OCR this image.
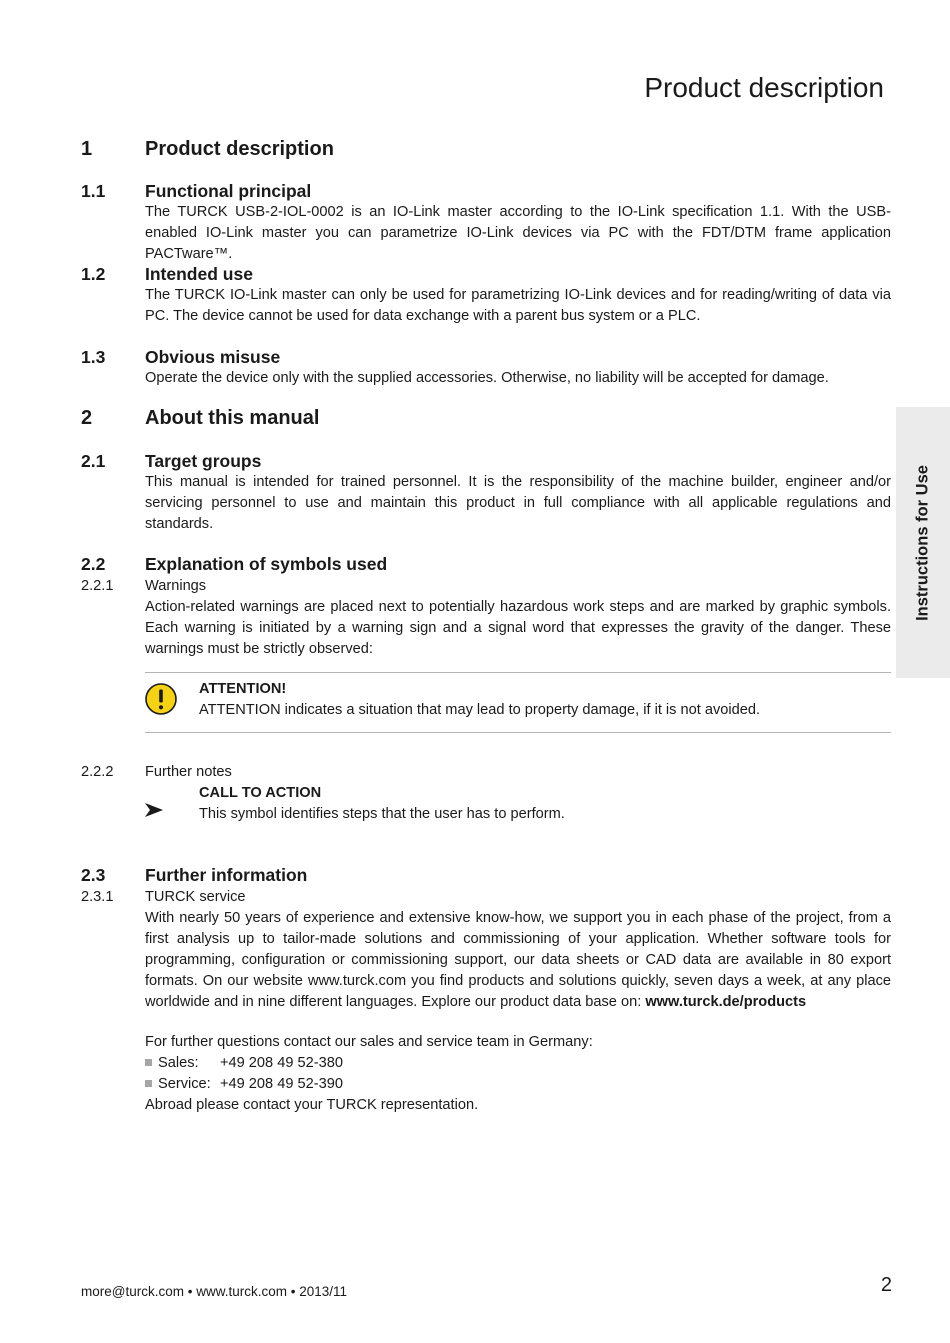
Product description
Instructions for Use
1	Product description
1.1 Functional principal
The TURCK USB-2-IOL-0002 is an IO-Link master according to the IO-Link specification 1.1. With the USB-enabled IO-Link master you can parametrize IO-Link devices via PC with the FDT/DTM frame application PACTware™.
1.2 Intended use
The TURCK IO-Link master can only be used for parametrizing IO-Link devices and for reading/writing of data via PC. The device cannot be used for data exchange with a parent bus system or a PLC.
1.3 Obvious misuse
Operate the device only with the supplied accessories. Otherwise, no liability will be accepted for damage.
2	About this manual
2.1 Target groups
This manual is intended for trained personnel. It is the responsibility of the machine builder, engineer and/or servicing personnel to use and maintain this product in full compliance with all applicable regulations and standards.
2.2 Explanation of symbols used
2.2.1 Warnings
Action-related warnings are placed next to potentially hazardous work steps and are marked by graphic symbols. Each warning is initiated by a warning sign and a signal word that expresses the gravity of the danger. These warnings must be strictly observed:
ATTENTION!
ATTENTION indicates a situation that may lead to property damage, if it is not avoided.
2.2.2 Further notes
CALL TO ACTION
This symbol identifies steps that the user has to perform.
2.3 Further information
2.3.1 TURCK service
With nearly 50 years of experience and extensive know-how, we support you in each phase of the project, from a first analysis up to tailor-made solutions and commissioning of your application. Whether software tools for programming, configuration or commissioning support, our data sheets or CAD data are available in 80 export formats. On our website www.turck.com you find products and solutions quickly, seven days a week, at any place worldwide and in nine different languages. Explore our product data base on: www.turck.de/products
For further questions contact our sales and service team in Germany:
Sales: +49 208 49 52-380
Service: +49 208 49 52-390
Abroad please contact your TURCK representation.
more@turck.com • www.turck.com • 2013/11	2
